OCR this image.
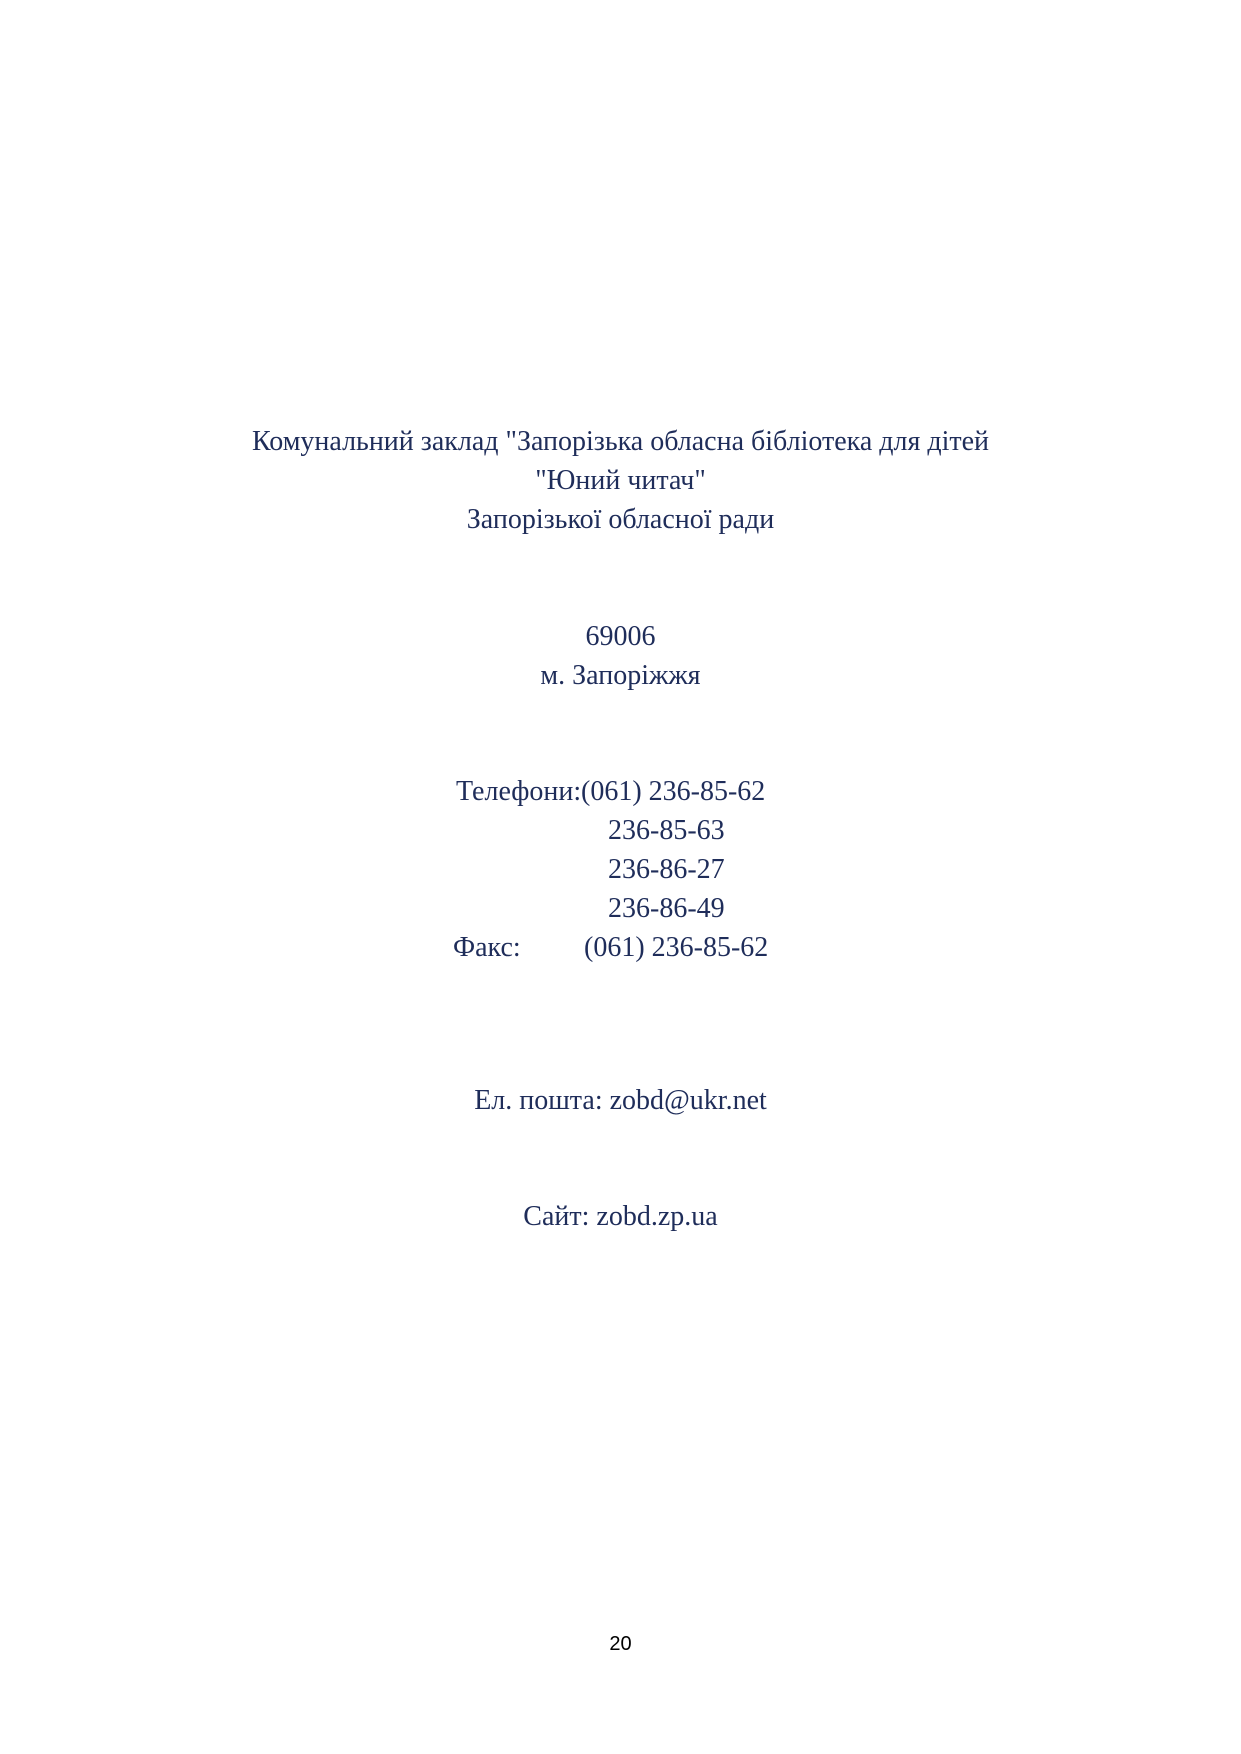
Комунальний заклад "Запорізька обласна бібліотека для дітей
"Юний читач"
Запорізької обласної ради
69006
м. Запоріжжя
Телефони: (061) 236-85-62
236-85-63
236-86-27
236-86-49
Факс: (061) 236-85-62
Ел. пошта: zobd@ukr.net
Сайт: zobd.zp.ua
20
